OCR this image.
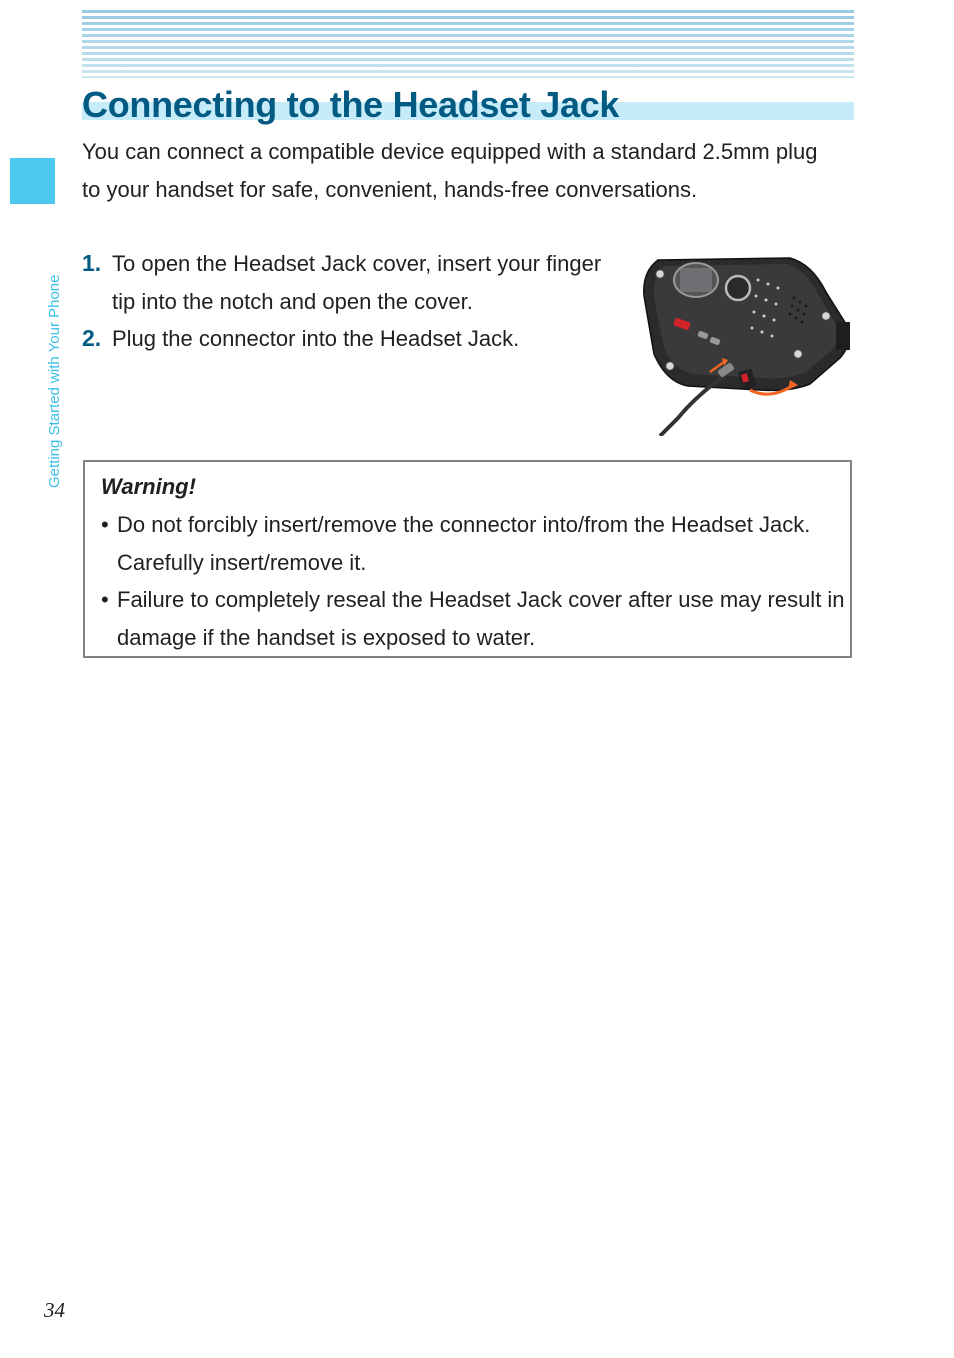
Connecting to the Headset Jack
Getting Started with Your Phone

You can connect a compatible device equipped with a standard 2.5mm plug to your handset for safe, convenient, hands-free conversations.

1. To open the Headset Jack cover, insert your finger tip into the notch and open the cover.
2. Plug the connector into the Headset Jack.
Warning!
• Do not forcibly insert/remove the connector into/from the Headset Jack. Carefully insert/remove it.
• Failure to completely reseal the Headset Jack cover after use may result in damage if the handset is exposed to water.
34
